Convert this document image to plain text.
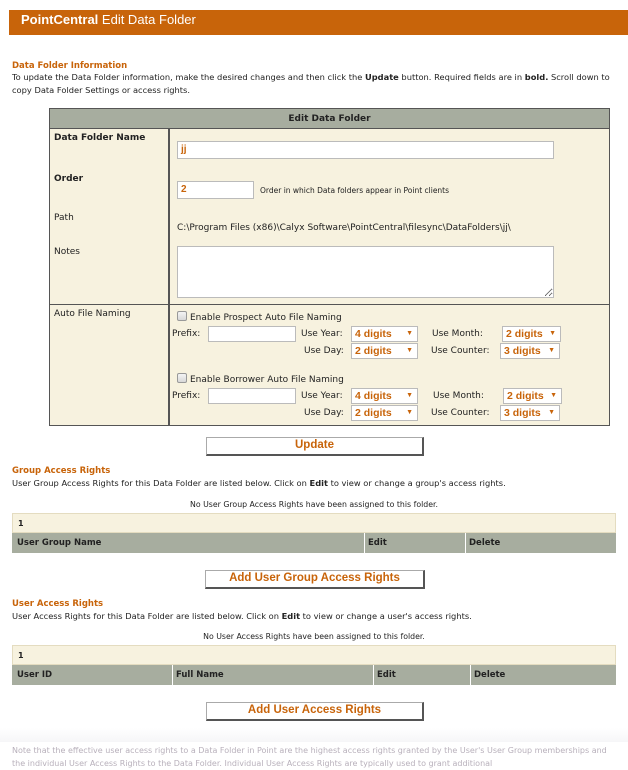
PointCentral Edit Data Folder
Data Folder Information
To update the Data Folder information, make the desired changes and then click the Update button. Required fields are in bold. Scroll down to copy Data Folder Settings or access rights.
Edit Data Folder
Data Folder Name
jj
Order
2	Order in which Data folders appear in Point clients
Path
C:\Program Files (x86)\Calyx Software\PointCentral\filesync\DataFolders\jj\
Notes
Auto File Naming	Enable Prospect Auto File Naming
Prefix:	Use Year:	4 digits ▼ Use Month:	2 digits ▼
Use Day:	2 digits ▼ Use Counter:	3 digits ▼
Enable Borrower Auto File Naming
Prefix:	Use Year:	4 digits ▼ Use Month:	2 digits ▼
Use Day:	2 digits ▼ Use Counter:	3 digits ▼
Update
Group Access Rights
User Group Access Rights for this Data Folder are listed below. Click on Edit to view or change a group's access rights.
No User Group Access Rights have been assigned to this folder.
1
User Group Name	Edit	Delete
Add User Group Access Rights
User Access Rights
User Access Rights for this Data Folder are listed below. Click on Edit to view or change a user's access rights.
No User Access Rights have been assigned to this folder.
1
User ID	Full Name	Edit	Delete
Add User Access Rights
Note that the effective user access rights to a Data Folder in Point are the highest access rights granted by the User's User Group memberships and the individual User Access Rights to the Data Folder. Individual User Access Rights are typically used to grant additional
